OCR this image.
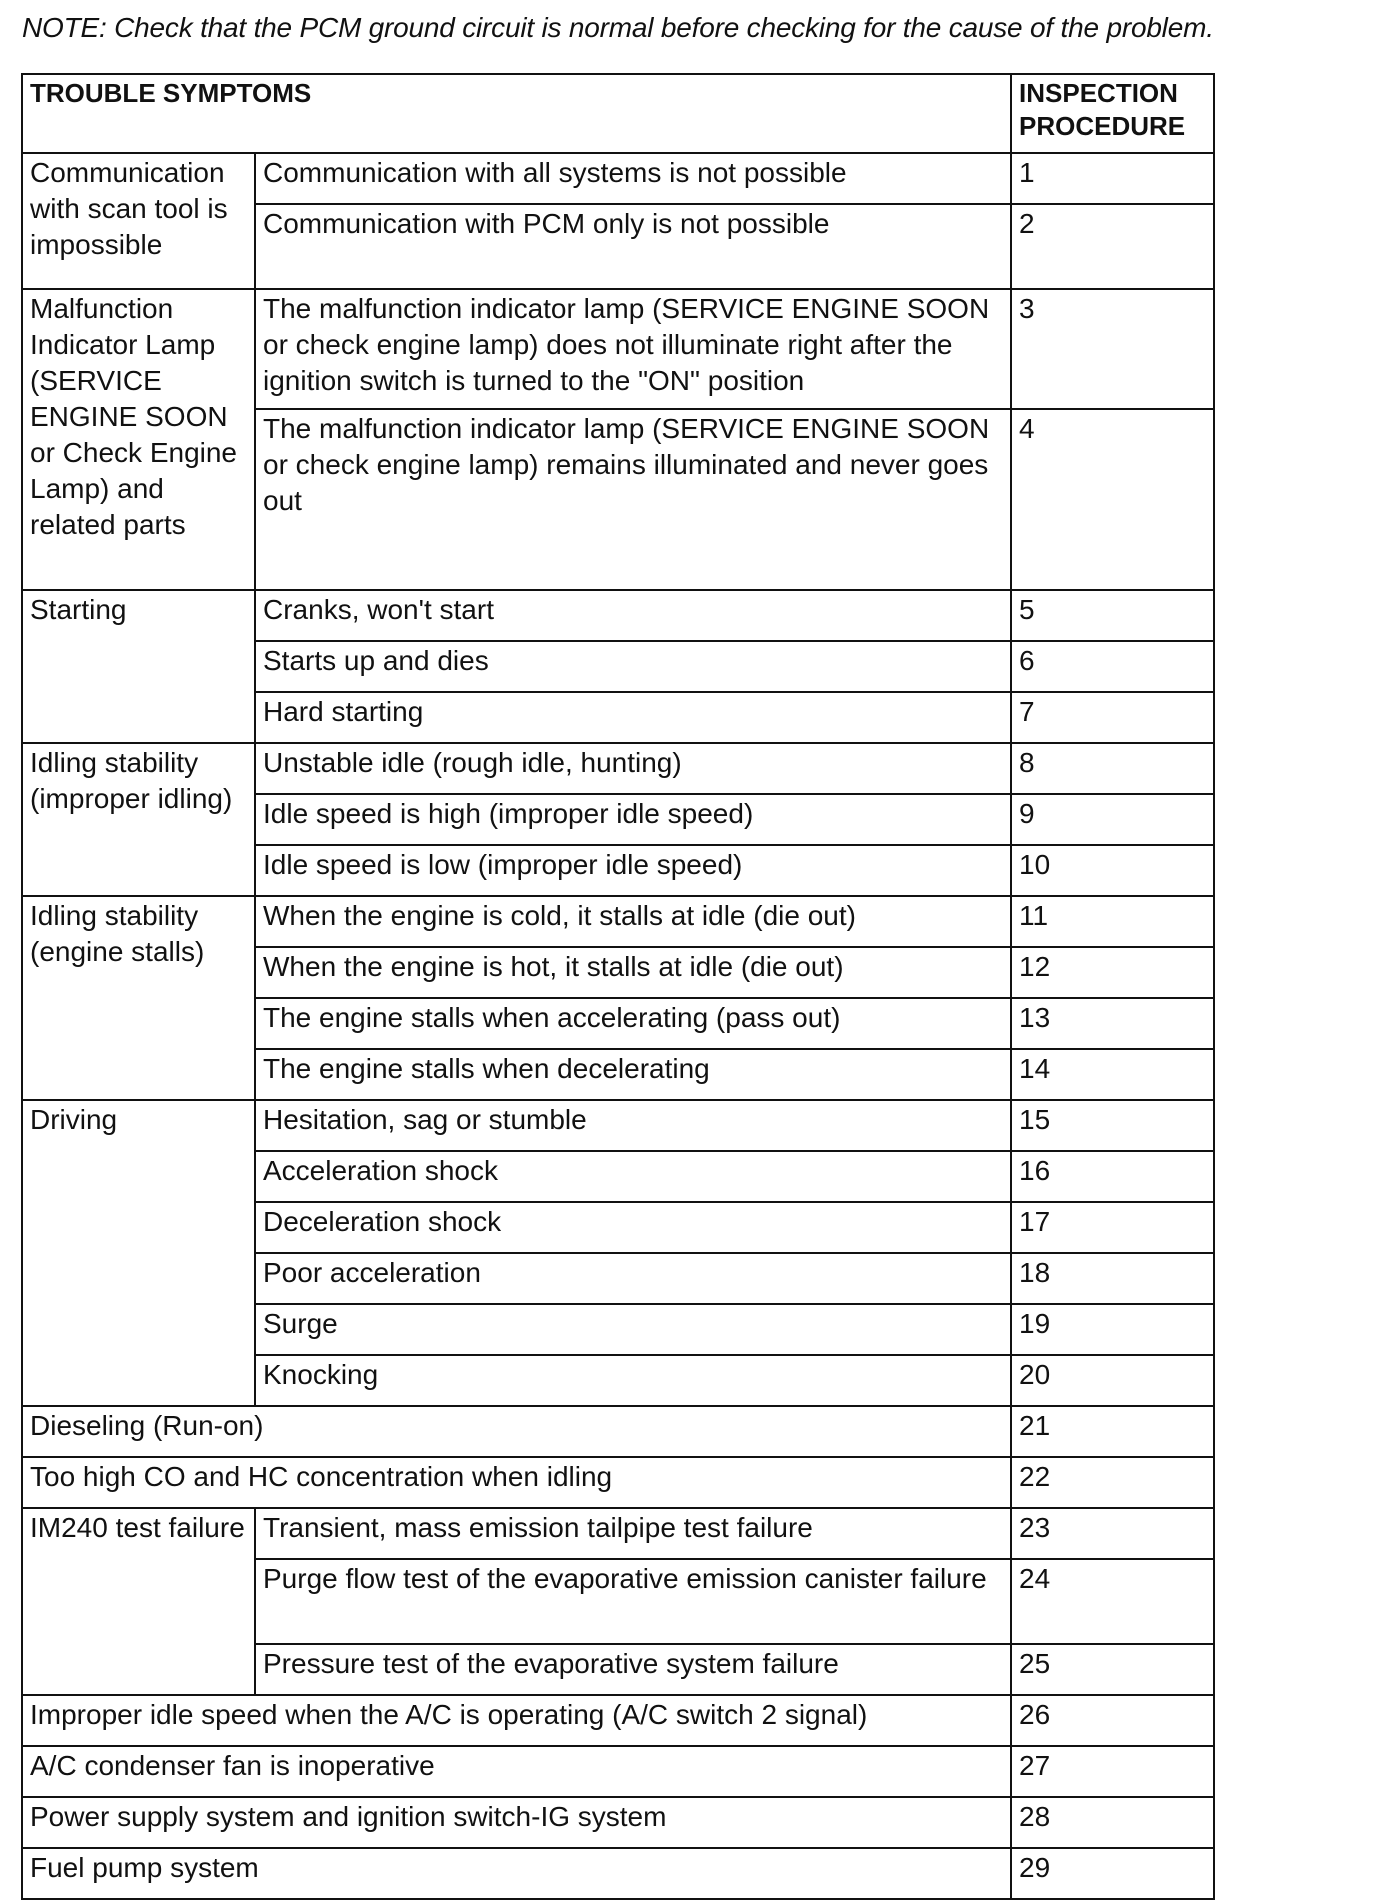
NOTE: Check that the PCM ground circuit is normal before checking for the cause of the problem.
TROUBLE SYMPTOMS		INSPECTION PROCEDURE
Communication with scan tool is impossible	Communication with all systems is not possible	1
	Communication with PCM only is not possible	2
Malfunction Indicator Lamp (SERVICE ENGINE SOON or Check Engine Lamp) and related parts	The malfunction indicator lamp (SERVICE ENGINE SOON or check engine lamp) does not illuminate right after the ignition switch is turned to the "ON" position	3
	The malfunction indicator lamp (SERVICE ENGINE SOON or check engine lamp) remains illuminated and never goes out	4
Starting	Cranks, won't start	5
	Starts up and dies	6
	Hard starting	7
Idling stability (improper idling)	Unstable idle (rough idle, hunting)	8
	Idle speed is high (improper idle speed)	9
	Idle speed is low (improper idle speed)	10
Idling stability (engine stalls)	When the engine is cold, it stalls at idle (die out)	11
	When the engine is hot, it stalls at idle (die out)	12
	The engine stalls when accelerating (pass out)	13
	The engine stalls when decelerating	14
Driving	Hesitation, sag or stumble	15
	Acceleration shock	16
	Deceleration shock	17
	Poor acceleration	18
	Surge	19
	Knocking	20
Dieseling (Run-on)		21
Too high CO and HC concentration when idling		22
IM240 test failure	Transient, mass emission tailpipe test failure	23
	Purge flow test of the evaporative emission canister failure	24
	Pressure test of the evaporative system failure	25
Improper idle speed when the A/C is operating (A/C switch 2 signal)		26
A/C condenser fan is inoperative		27
Power supply system and ignition switch-IG system		28
Fuel pump system		29
